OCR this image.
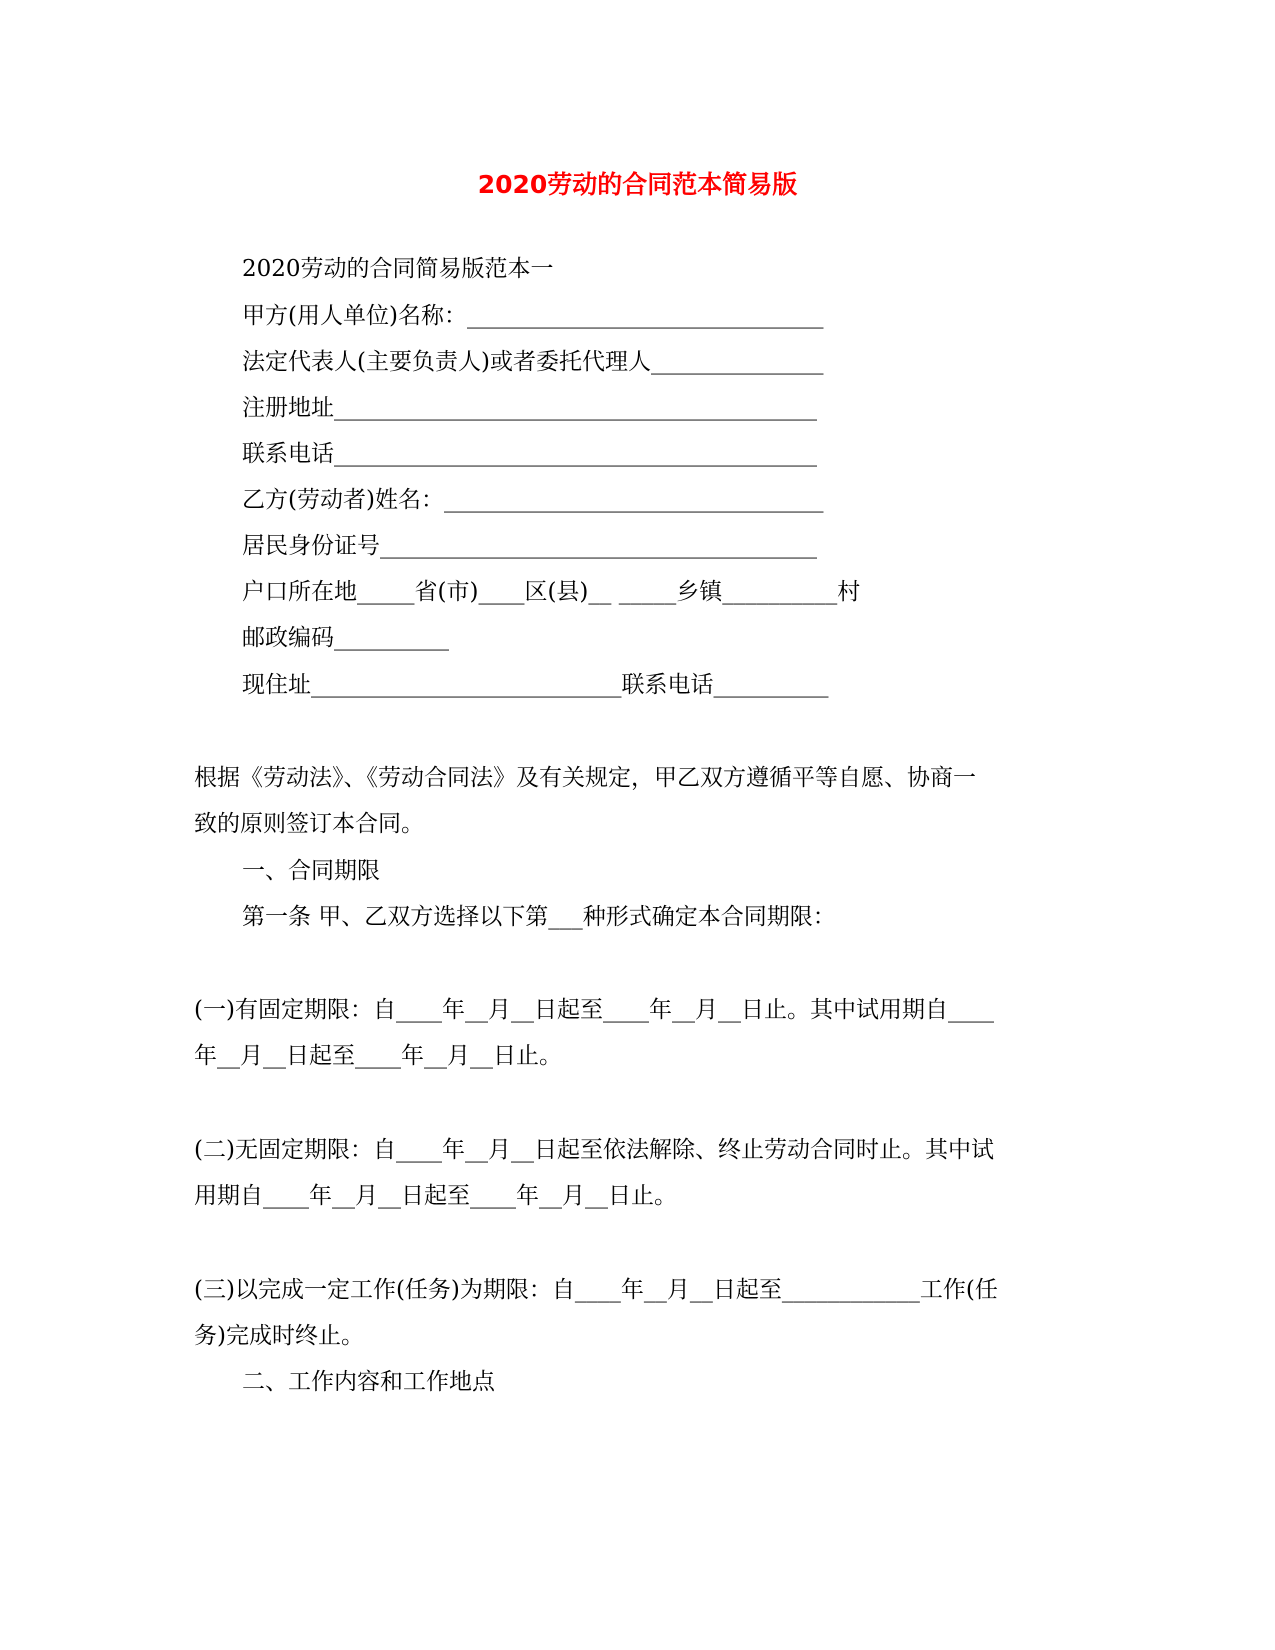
2020劳动的合同范本简易版
2020劳动的合同简易版范本一
甲方(用人单位)名称：_______________________________
法定代表人(主要负责人)或者委托代理人_______________
注册地址__________________________________________
联系电话__________________________________________
乙方(劳动者)姓名：_________________________________
居民身份证号______________________________________
户口所在地_____省(市)____区(县)__ _____乡镇__________村
邮政编码__________
现住址___________________________联系电话__________
根据《劳动法》、《劳动合同法》及有关规定，甲乙双方遵循平等自愿、协商一
致的原则签订本合同。
一、合同期限
第一条 甲、乙双方选择以下第___种形式确定本合同期限：
(一)有固定期限：自____年__月__日起至____年__月__日止。其中试用期自____
年__月__日起至____年__月__日止。
(二)无固定期限：自____年__月__日起至依法解除、终止劳动合同时止。其中试
用期自____年__月__日起至____年__月__日止。
(三)以完成一定工作(任务)为期限：自____年__月__日起至____________工作(任
务)完成时终止。
二、工作内容和工作地点
